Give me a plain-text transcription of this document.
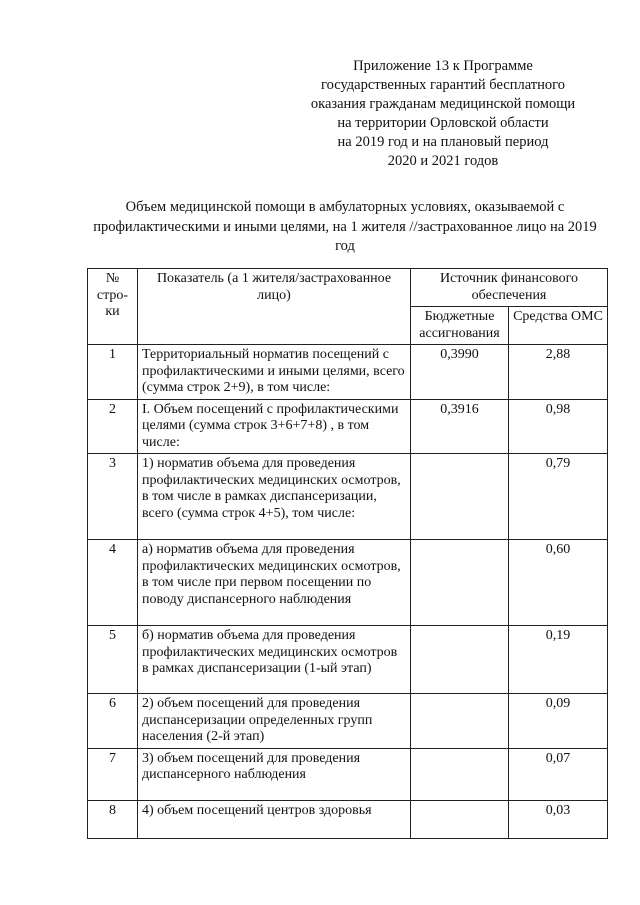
Приложение 13 к Программе
государственных гарантий бесплатного
оказания гражданам медицинской помощи
на территории Орловской области
на 2019 год и на плановый период
2020 и 2021 годов
Объем медицинской помощи в амбулаторных условиях, оказываемой с профилактическими и иными целями, на 1 жителя //застрахованное лицо на 2019 год
№ стро-ки	Показатель (а 1 жителя/застрахованное лицо)	Источник финансового обеспечения	
		Бюджетные ассигнования	Средства ОМС
1	Территориальный норматив посещений с профилактическими и иными целями, всего (сумма строк 2+9), в том числе:	0,3990	2,88
2	I. Объем посещений с профилактическими целями (сумма строк 3+6+7+8) , в том числе:	0,3916	0,98
3	1) норматив объема для проведения профилактических медицинских осмотров, в том числе в рамках диспансеризации, всего (сумма строк 4+5), том числе:		0,79
4	а) норматив объема для проведения профилактических медицинских осмотров, в том числе при первом посещении по поводу диспансерного наблюдения		0,60
5	б) норматив объема для проведения профилактических медицинских осмотров в рамках диспансеризации (1-ый этап)		0,19
6	2) объем посещений для проведения диспансеризации определенных групп населения (2-й этап)		0,09
7	3) объем посещений для проведения диспансерного наблюдения		0,07
8	4) объем посещений центров здоровья		0,03
